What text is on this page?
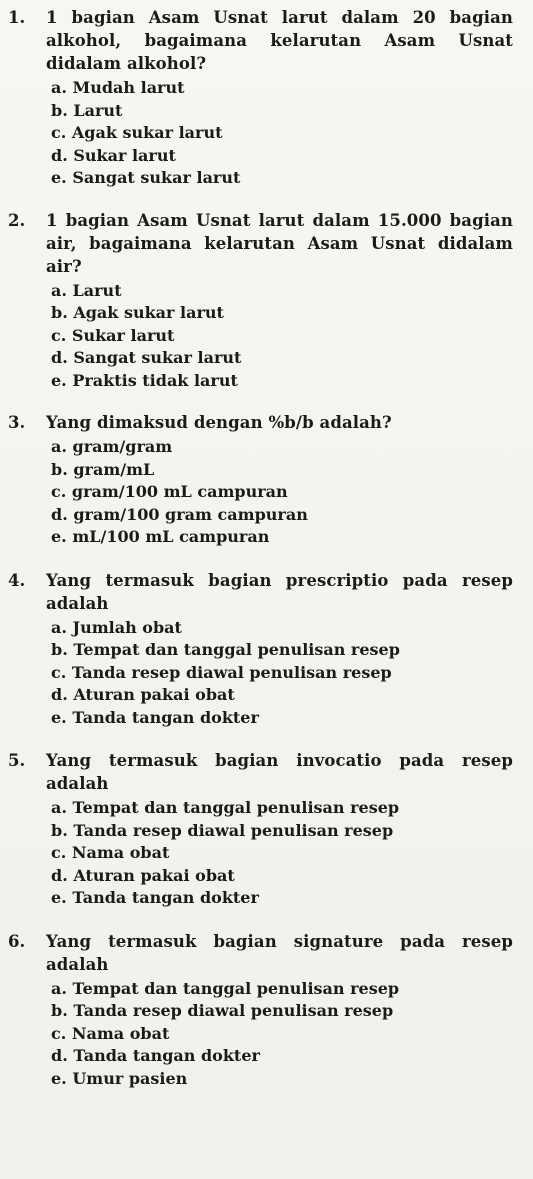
1.	1 bagian Asam Usnat larut dalam 20 bagian alkohol, bagaimana kelarutan Asam Usnat didalam alkohol?
a. Mudah larut
b. Larut
c. Agak sukar larut
d. Sukar larut
e. Sangat sukar larut
2.	1 bagian Asam Usnat larut dalam 15.000 bagian air, bagaimana kelarutan Asam Usnat didalam air?
a. Larut
b. Agak sukar larut
c. Sukar larut
d. Sangat sukar larut
e. Praktis tidak larut
3.	Yang dimaksud dengan %b/b adalah?
a. gram/gram
b. gram/mL
c. gram/100 mL campuran
d. gram/100 gram campuran
e. mL/100 mL campuran
4.	Yang termasuk bagian prescriptio pada resep adalah
a. Jumlah obat
b. Tempat dan tanggal penulisan resep
c. Tanda resep diawal penulisan resep
d. Aturan pakai obat
e. Tanda tangan dokter
5.	Yang termasuk bagian invocatio pada resep adalah
a. Tempat dan tanggal penulisan resep
b. Tanda resep diawal penulisan resep
c. Nama obat
d. Aturan pakai obat
e. Tanda tangan dokter
6.	Yang termasuk bagian signature pada resep adalah
a. Tempat dan tanggal penulisan resep
b. Tanda resep diawal penulisan resep
c. Nama obat
d. Tanda tangan dokter
e. Umur pasien
